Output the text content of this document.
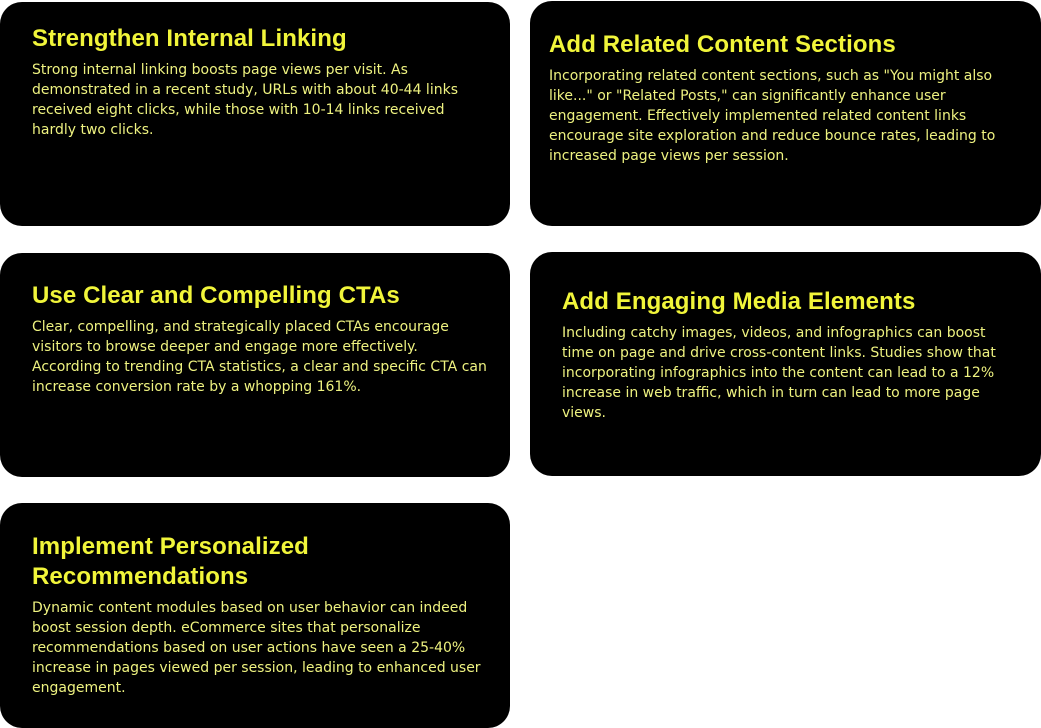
Strengthen Internal Linking

Strong internal linking boosts page views per visit. As demonstrated in a recent study, URLs with about 40-44 links received eight clicks, while those with 10-14 links received hardly two clicks.

Add Related Content Sections

Incorporating related content sections, such as "You might also like..." or "Related Posts," can significantly enhance user engagement. Effectively implemented related content links encourage site exploration and reduce bounce rates, leading to increased page views per session.

Use Clear and Compelling CTAs

Clear, compelling, and strategically placed CTAs encourage visitors to browse deeper and engage more effectively. According to trending CTA statistics, a clear and specific CTA can increase conversion rate by a whopping 161%.

Add Engaging Media Elements

Including catchy images, videos, and infographics can boost time on page and drive cross-content links. Studies show that incorporating infographics into the content can lead to a 12% increase in web traffic, which in turn can lead to more page views.

Implement Personalized Recommendations

Dynamic content modules based on user behavior can indeed boost session depth. eCommerce sites that personalize recommendations based on user actions have seen a 25-40% increase in pages viewed per session, leading to enhanced user engagement.
